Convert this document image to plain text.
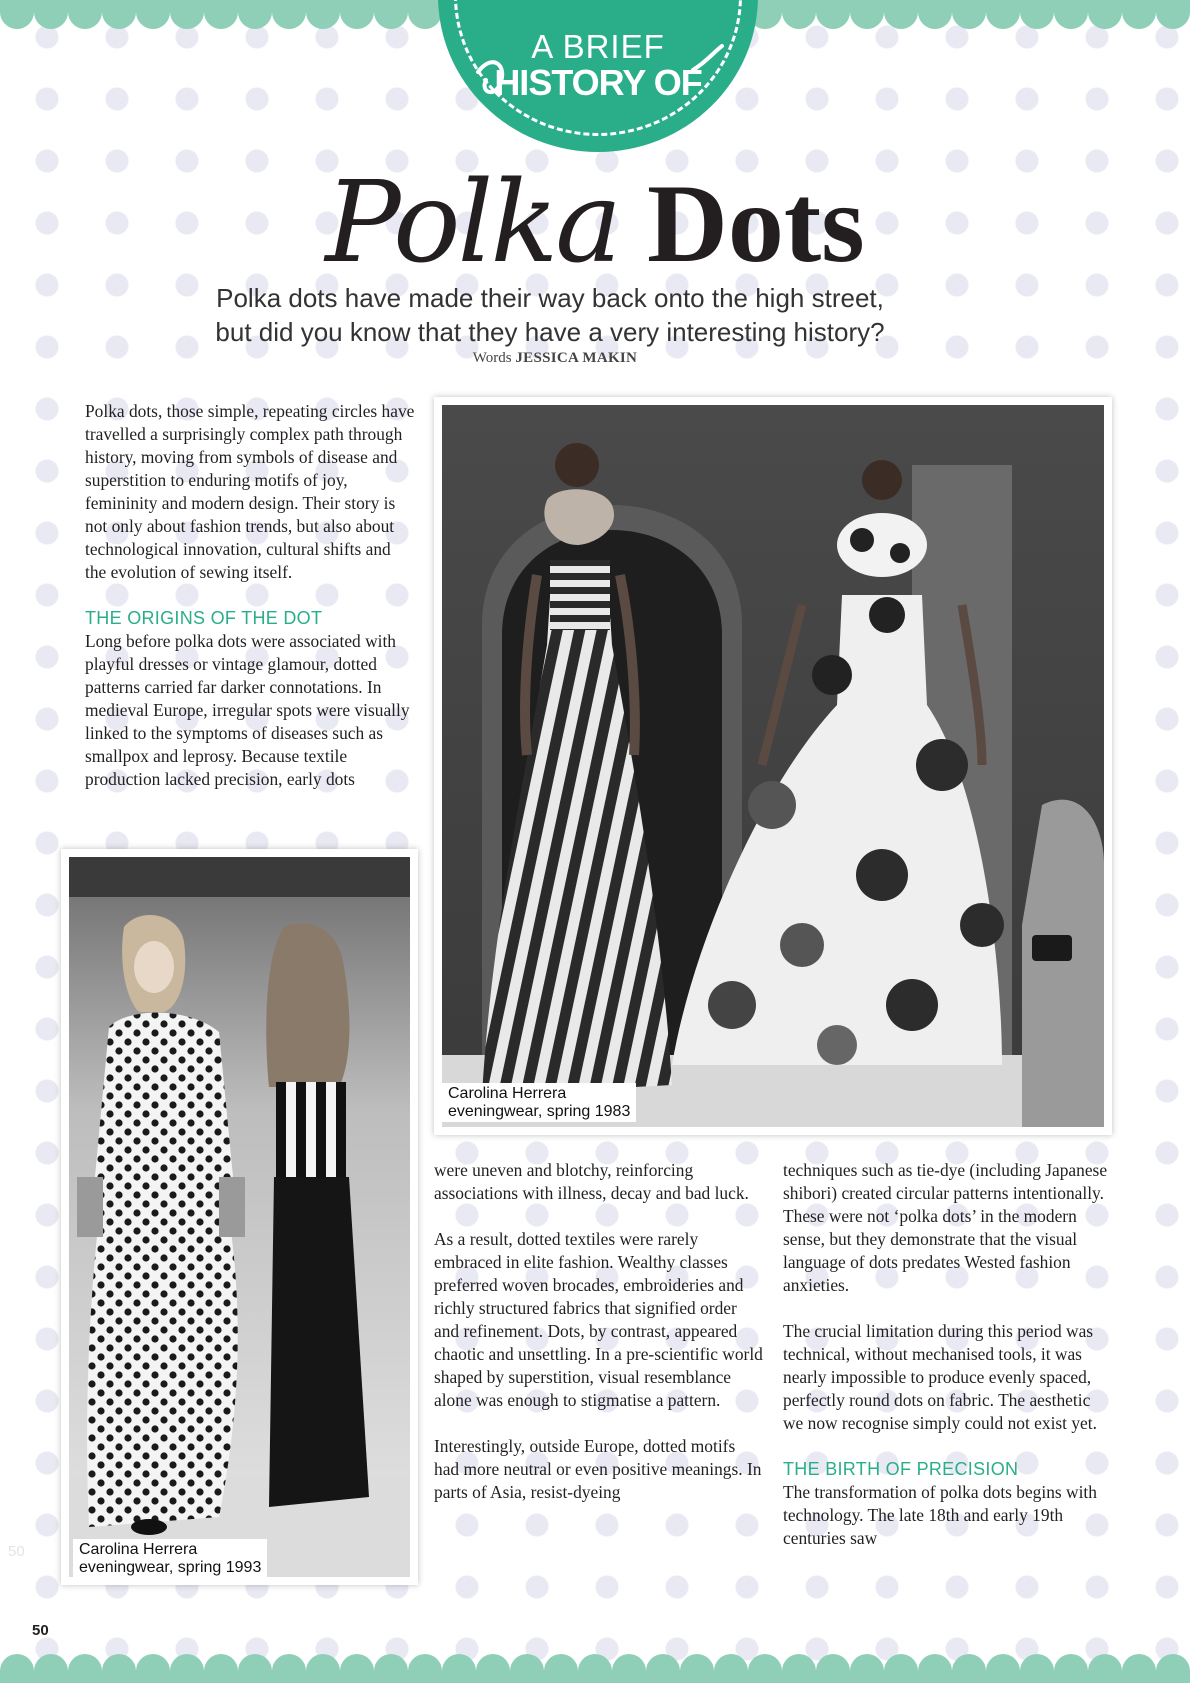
A BRIEF
HISTORY OF
Polka Dots
Polka dots have made their way back onto the high street,
but did you know that they have a very interesting history?
Words JESSICA MAKIN

Polka dots, those simple, repeating circles have travelled a surprisingly complex path through history, moving from symbols of disease and superstition to enduring motifs of joy, femininity and modern design. Their story is not only about fashion trends, but also about technological innovation, cultural shifts and the evolution of sewing itself.

THE ORIGINS OF THE DOT

Long before polka dots were associated with playful dresses or vintage glamour, dotted patterns carried far darker connotations. In medieval Europe, irregular spots were visually linked to the symptoms of diseases such as smallpox and leprosy. Because textile production lacked precision, early dots

Carolina Herrera
eveningwear, spring 1983
Carolina Herrera
eveningwear, spring 1993

were uneven and blotchy, reinforcing associations with illness, decay and bad luck.

As a result, dotted textiles were rarely embraced in elite fashion. Wealthy classes preferred woven brocades, embroideries and richly structured fabrics that signified order and refinement. Dots, by contrast, appeared chaotic and unsettling. In a pre-scientific world shaped by superstition, visual resemblance alone was enough to stigmatise a pattern.

Interestingly, outside Europe, dotted motifs had more neutral or even positive meanings. In parts of Asia, resist-dyeing

techniques such as tie-dye (including Japanese shibori) created circular patterns intentionally. These were not ‘polka dots’ in the modern sense, but they demonstrate that the visual language of dots predates Wested fashion anxieties.

The crucial limitation during this period was technical, without mechanised tools, it was nearly impossible to produce evenly spaced, perfectly round dots on fabric. The aesthetic we now recognise simply could not exist yet.

THE BIRTH OF PRECISION

The transformation of polka dots begins with technology. The late 18th and early 19th centuries saw

50
50
